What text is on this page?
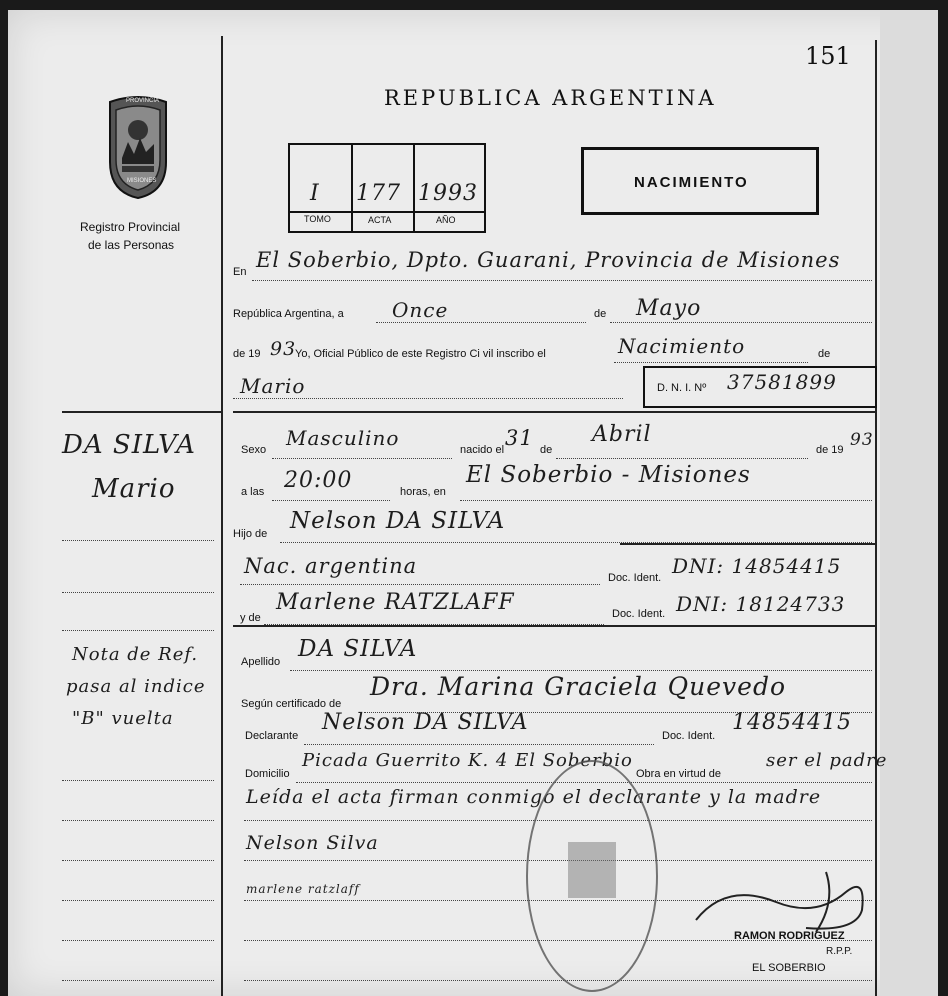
151
REPUBLICA ARGENTINA
PROVINCIA
MISIONES
Registro Provincial
de las Personas
I 177 1993
TOMO	ACTA	AÑO
NACIMIENTO
DA SILVA
Mario
Nota de Ref.
pasa al indice
"B" vuelta
En El Soberbio, Dpto. Guarani, Provincia de Misiones
República Argentina, a Once	de Mayo
de 19 93
Yo, Oficial Público de este Registro Ci vil inscribo el	Nacimiento	de
Mario	D. N. I. Nº 37581899
Sexo Masculino	nacido el 31 de
Abril
de 19 93
a las 20:00	horas, en
El Soberbio - Misiones
Hijo de Nelson DA SILVA
Nac. argentina	Doc. Ident. DNI: 14854415
y de
Marlene RATZLAFF	Doc. Ident. DNI: 18124733
Apellido DA SILVA
Según certificado de
Dra. Marina Graciela Quevedo
Declarante
Nelson DA SILVA
Doc. Ident.
14854415
Domicilio
Picada Guerrito K. 4 El Soberbio
Obra en virtud de
ser el padre
Leída el acta firman conmigo el declarante y la madre
Nelson Silva
marlene ratzlaff
RAMON RODRIGUEZ
R.P.P.
EL SOBERBIO
